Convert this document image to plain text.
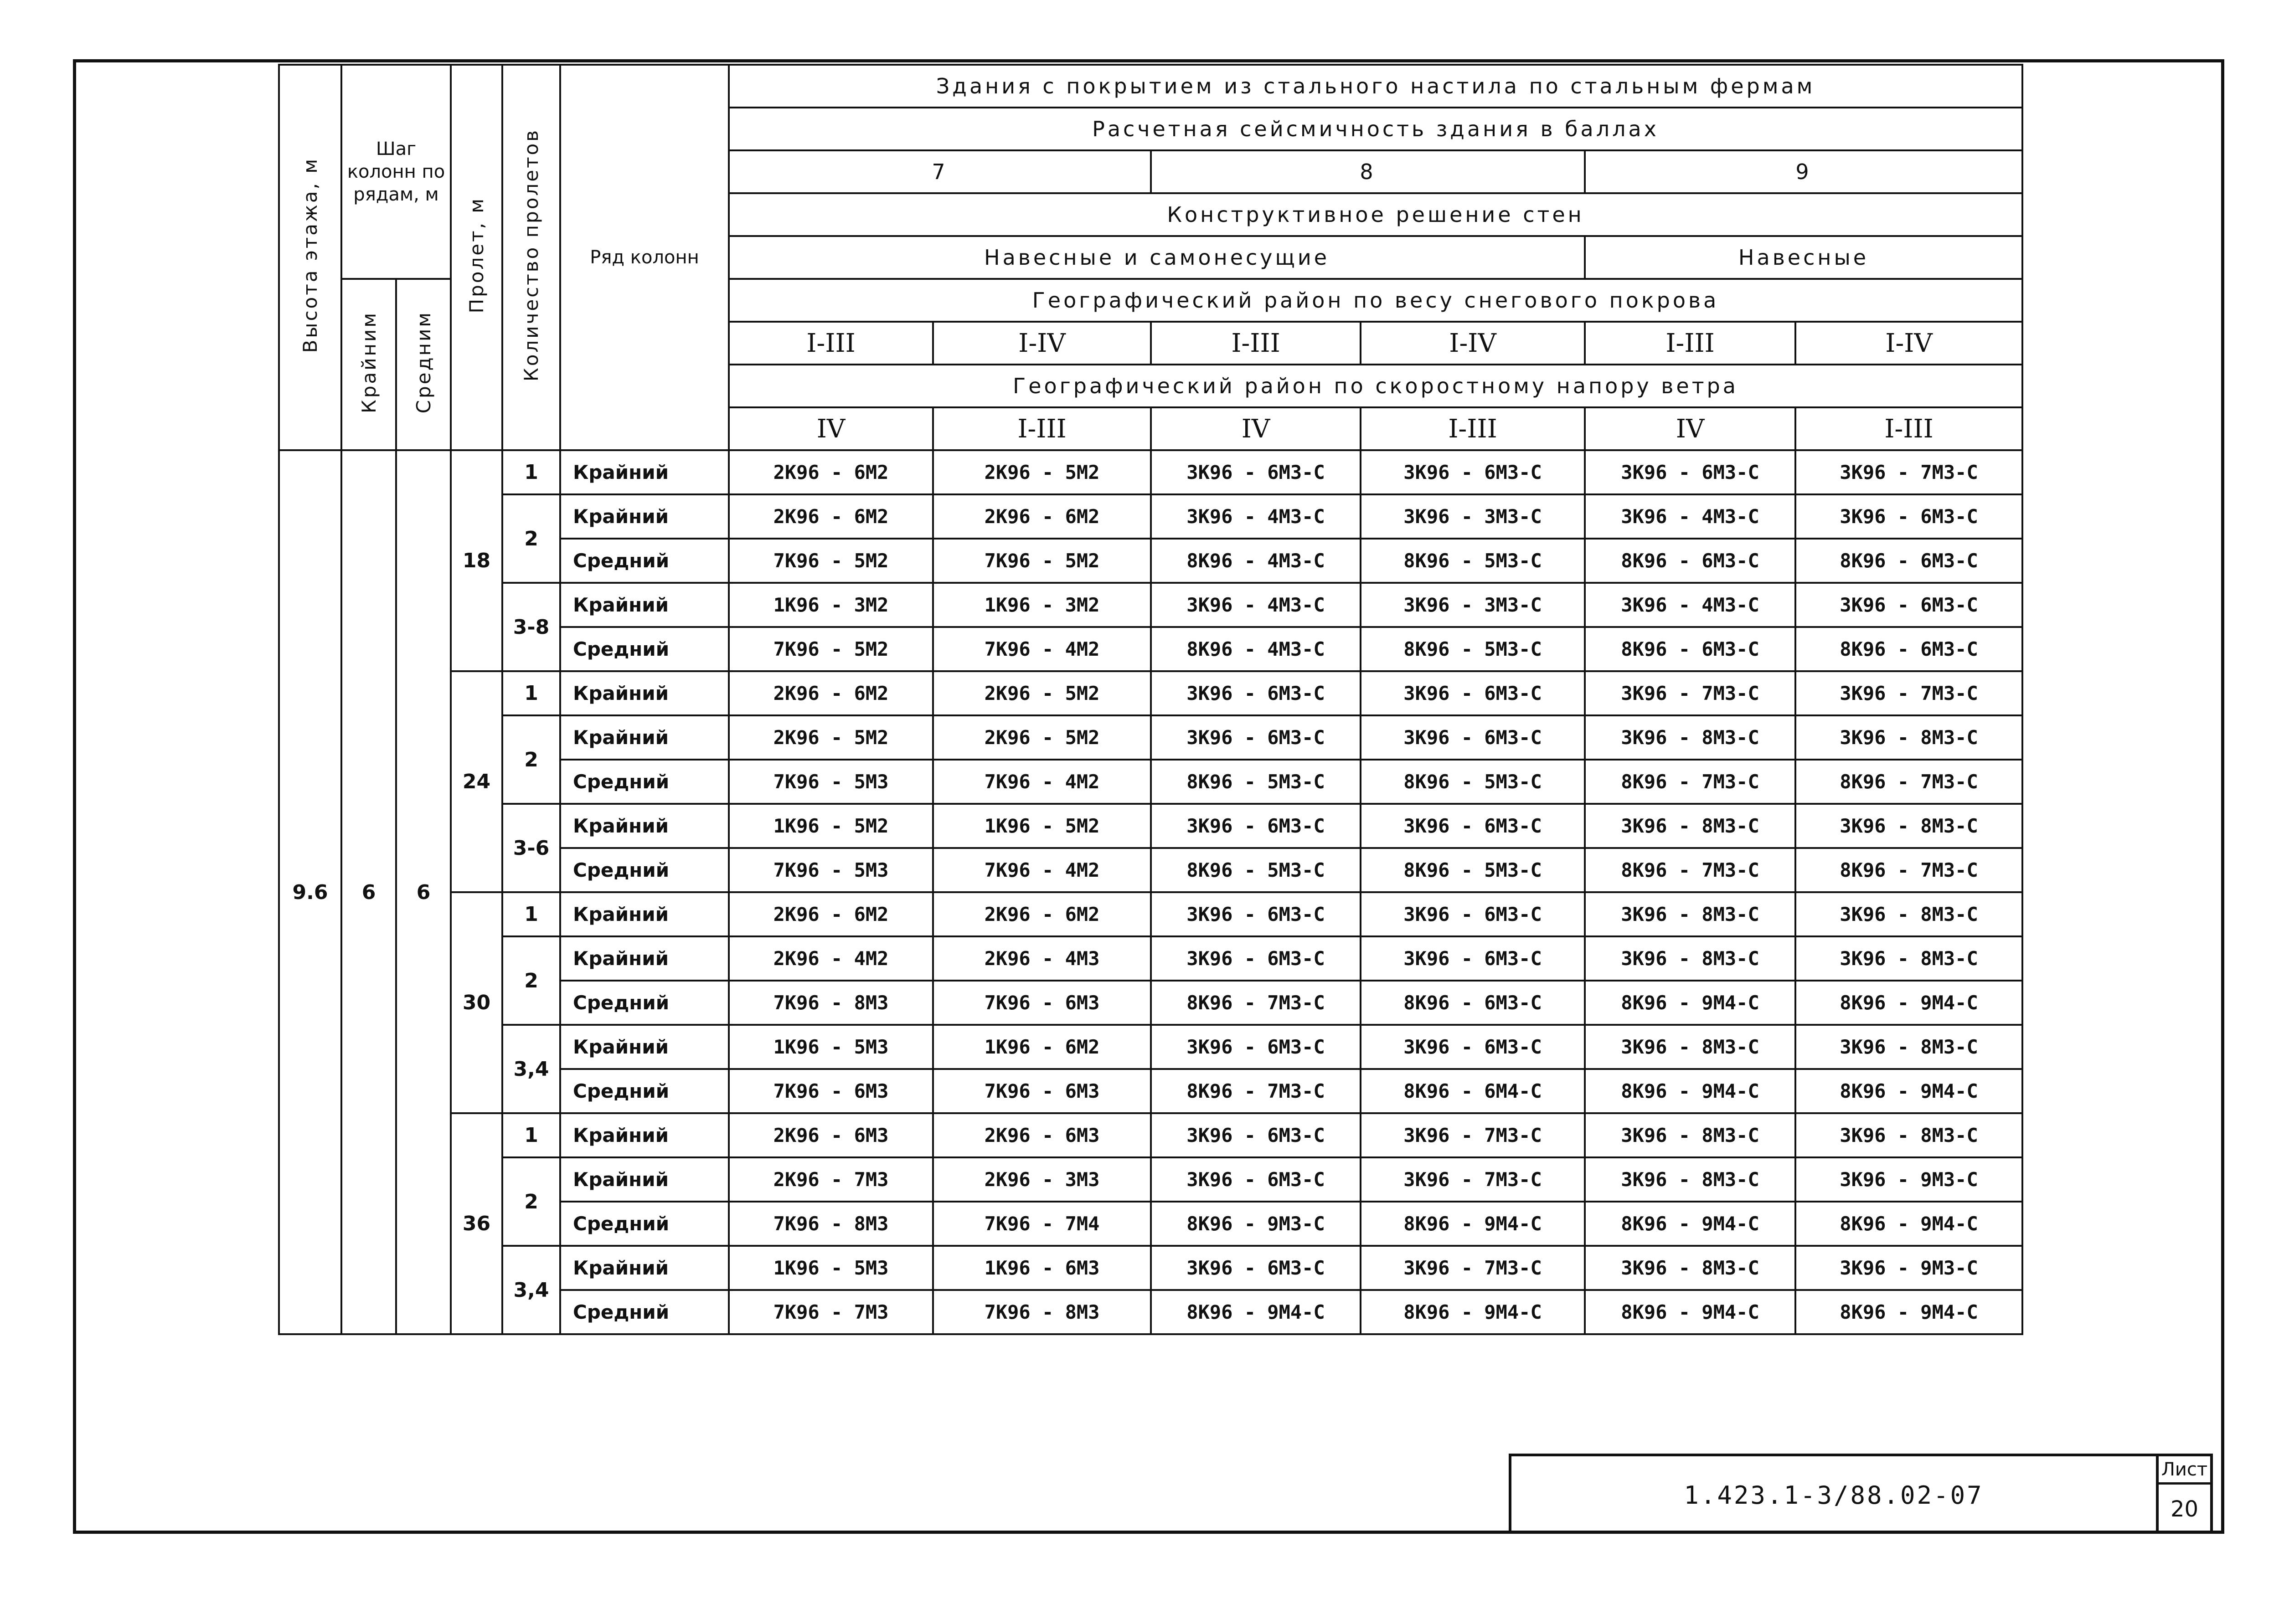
Высота этажа, м	Шаг колонн по рядам, м		Пролет, м	Количество пролетов	Ряд колонн	Здания с покрытием из стального настила по стальным фермам					
						Расчетная сейсмичность здания в баллах					
						7		8		9	
						Конструктивное решение стен					
						Навесные и самонесущие				Навесные	
	Крайним	Средним				Географический район по весу снегового покрова					
						I-III	I-IV	I-III	I-IV	I-III	I-IV
						Географический район по скоростному напору ветра					
						IV	I-III	IV	I-III	IV	I-III
9.6	6	6	18	1	Крайний	2К96 - 6М2	2К96 - 5М2	3К96 - 6М3-С	3К96 - 6М3-С	3К96 - 6М3-С	3К96 - 7М3-С
				2	Крайний	2К96 - 6М2	2К96 - 6М2	3К96 - 4М3-С	3К96 - 3М3-С	3К96 - 4М3-С	3К96 - 6М3-С
					Средний	7К96 - 5М2	7К96 - 5М2	8К96 - 4М3-С	8К96 - 5М3-С	8К96 - 6М3-С	8К96 - 6М3-С
				3-8	Крайний	1К96 - 3М2	1К96 - 3М2	3К96 - 4М3-С	3К96 - 3М3-С	3К96 - 4М3-С	3К96 - 6М3-С
					Средний	7К96 - 5М2	7К96 - 4М2	8К96 - 4М3-С	8К96 - 5М3-С	8К96 - 6М3-С	8К96 - 6М3-С
			24	1	Крайний	2К96 - 6М2	2К96 - 5М2	3К96 - 6М3-С	3К96 - 6М3-С	3К96 - 7М3-С	3К96 - 7М3-С
				2	Крайний	2К96 - 5М2	2К96 - 5М2	3К96 - 6М3-С	3К96 - 6М3-С	3К96 - 8М3-С	3К96 - 8М3-С
					Средний	7К96 - 5М3	7К96 - 4М2	8К96 - 5М3-С	8К96 - 5М3-С	8К96 - 7М3-С	8К96 - 7М3-С
				3-6	Крайний	1К96 - 5М2	1К96 - 5М2	3К96 - 6М3-С	3К96 - 6М3-С	3К96 - 8М3-С	3К96 - 8М3-С
					Средний	7К96 - 5М3	7К96 - 4М2	8К96 - 5М3-С	8К96 - 5М3-С	8К96 - 7М3-С	8К96 - 7М3-С
			30	1	Крайний	2К96 - 6М2	2К96 - 6М2	3К96 - 6М3-С	3К96 - 6М3-С	3К96 - 8М3-С	3К96 - 8М3-С
				2	Крайний	2К96 - 4М2	2К96 - 4М3	3К96 - 6М3-С	3К96 - 6М3-С	3К96 - 8М3-С	3К96 - 8М3-С
					Средний	7К96 - 8М3	7К96 - 6М3	8К96 - 7М3-С	8К96 - 6М3-С	8К96 - 9М4-С	8К96 - 9М4-С
				3,4	Крайний	1К96 - 5М3	1К96 - 6М2	3К96 - 6М3-С	3К96 - 6М3-С	3К96 - 8М3-С	3К96 - 8М3-С
					Средний	7К96 - 6М3	7К96 - 6М3	8К96 - 7М3-С	8К96 - 6М4-С	8К96 - 9М4-С	8К96 - 9М4-С
			36	1	Крайний	2К96 - 6М3	2К96 - 6М3	3К96 - 6М3-С	3К96 - 7М3-С	3К96 - 8М3-С	3К96 - 8М3-С
				2	Крайний	2К96 - 7М3	2К96 - 3М3	3К96 - 6М3-С	3К96 - 7М3-С	3К96 - 8М3-С	3К96 - 9М3-С
					Средний	7К96 - 8М3	7К96 - 7М4	8К96 - 9М3-С	8К96 - 9М4-С	8К96 - 9М4-С	8К96 - 9М4-С
				3,4	Крайний	1К96 - 5М3	1К96 - 6М3	3К96 - 6М3-С	3К96 - 7М3-С	3К96 - 8М3-С	3К96 - 9М3-С
					Средний	7К96 - 7М3	7К96 - 8М3	8К96 - 9М4-С	8К96 - 9М4-С	8К96 - 9М4-С	8К96 - 9М4-С
1.423.1-3/88.02-07
Лист
20
